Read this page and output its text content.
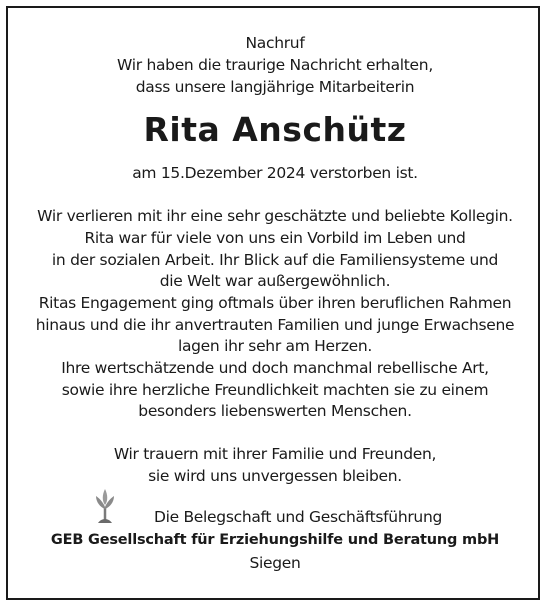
Nachruf
Wir haben die traurige Nachricht erhalten,
dass unsere langjährige Mitarbeiterin
Rita Anschütz
am 15.Dezember 2024 verstorben ist.
Wir verlieren mit ihr eine sehr geschätzte und beliebte Kollegin.
Rita war für viele von uns ein Vorbild im Leben und
in der sozialen Arbeit. Ihr Blick auf die Familiensysteme und
die Welt war außergewöhnlich.
Ritas Engagement ging oftmals über ihren beruflichen Rahmen
hinaus und die ihr anvertrauten Familien und junge Erwachsene
lagen ihr sehr am Herzen.
Ihre wertschätzende und doch manchmal rebellische Art,
sowie ihre herzliche Freundlichkeit machten sie zu einem
besonders liebenswerten Menschen.
Wir trauern mit ihrer Familie und Freunden,
sie wird uns unvergessen bleiben.
Die Belegschaft und Geschäftsführung
GEB Gesellschaft für Erziehungshilfe und Beratung mbH
Siegen
